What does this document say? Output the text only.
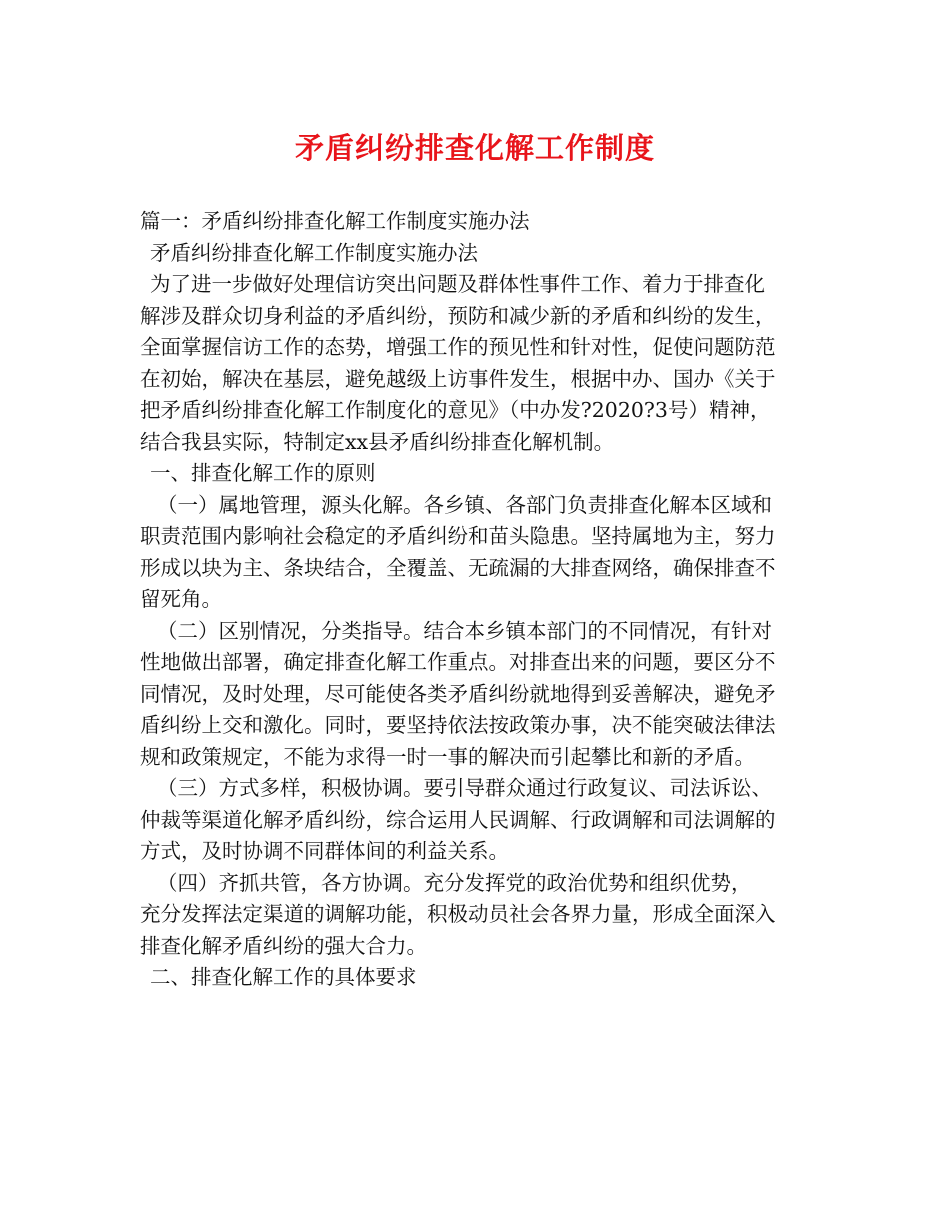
矛盾纠纷排查化解工作制度
篇一：矛盾纠纷排查化解工作制度实施办法
矛盾纠纷排查化解工作制度实施办法
为了进一步做好处理信访突出问题及群体性事件工作、着力于排查化
解涉及群众切身利益的矛盾纠纷，预防和减少新的矛盾和纠纷的发生，
全面掌握信访工作的态势，增强工作的预见性和针对性，促使问题防范
在初始，解决在基层，避免越级上访事件发生，根据中办、国办《关于
把矛盾纠纷排查化解工作制度化的意见》（中办发?2020?3号）精神，
结合我县实际，特制定xx县矛盾纠纷排查化解机制。
一、排查化解工作的原则
（一）属地管理，源头化解。各乡镇、各部门负责排查化解本区域和
职责范围内影响社会稳定的矛盾纠纷和苗头隐患。坚持属地为主，努力
形成以块为主、条块结合，全覆盖、无疏漏的大排查网络，确保排查不
留死角。
（二）区别情况，分类指导。结合本乡镇本部门的不同情况，有针对
性地做出部署，确定排查化解工作重点。对排查出来的问题，要区分不
同情况，及时处理，尽可能使各类矛盾纠纷就地得到妥善解决，避免矛
盾纠纷上交和激化。同时，要坚持依法按政策办事，决不能突破法律法
规和政策规定，不能为求得一时一事的解决而引起攀比和新的矛盾。
（三）方式多样，积极协调。要引导群众通过行政复议、司法诉讼、
仲裁等渠道化解矛盾纠纷，综合运用人民调解、行政调解和司法调解的
方式，及时协调不同群体间的利益关系。
（四）齐抓共管，各方协调。充分发挥党的政治优势和组织优势，
充分发挥法定渠道的调解功能，积极动员社会各界力量，形成全面深入
排查化解矛盾纠纷的强大合力。
二、排查化解工作的具体要求
